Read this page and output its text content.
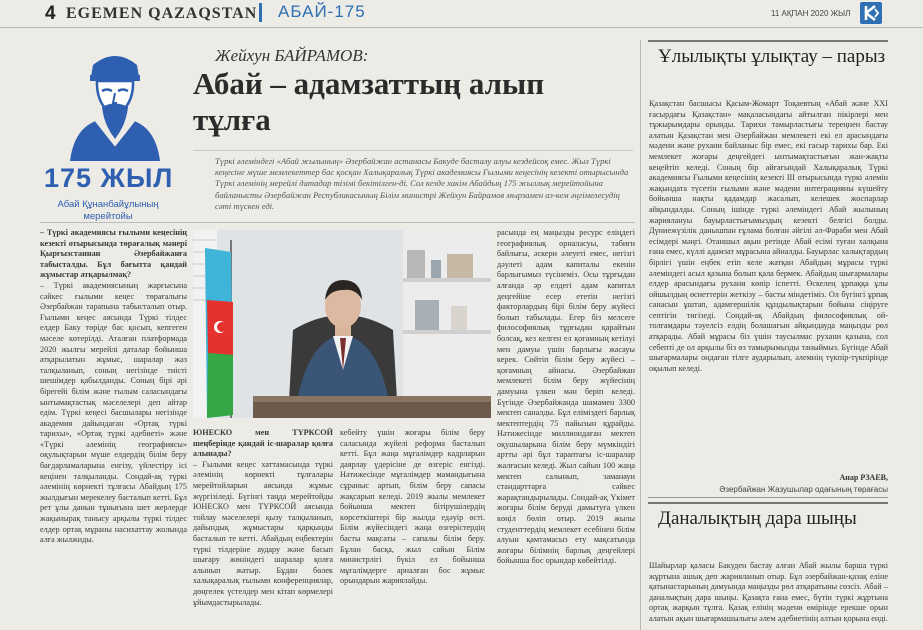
4 EGEMEN QAZAQSTAN АБАЙ-175	11 АҚПАН 2020 ЖЫЛ
175 ЖЫЛ
Абай Құнанбайұлының мерейтойы
Жейхун БАЙРАМОВ:
Абай – адамзаттың алып тұлға
Түркі әлеміндегі «Абай жылының» Әзербайжан астанасы Бакуде басталу алуы кездейсоқ емес. Жыл Түркі кеңесіне мүше мемлекеттер бас қосқан Халықаралық Түркі академиясы Ғылыми кеңесінің кезекті отырысында Түркі әлемінің мерейлі датадар тізімі бекітілген-ді. Сол кезде хакім Абайдың 175 жыллық мерейтойына байланысты Әзербайжан Республикасының Білім министрі Жейхун Байрамов мырзамен аз-кем әңгімелесудің сәті түскен еді.
– Түркі академиясы ғылыми кеңесінің кезекті отырысында төрағалық мәнері Қырғызстаннан Әзербайжанға табысталды. Бұл бағытта қандай жұмыстар атқарылмақ?
– Түркі академиясының жарғысына сәйкес ғылыми кеңес төрағалығы Әзербайжан тарапына табысталып отыр. Ғылыми кеңес аясында Түркі тілдес елдер Баку төріде бас қосып, кепгеген мәселе көтерілді. Аталған платформада 2020 жылғы мерейлі даталар бойынша атқарылатын жұмыс, шаралар жаз талқыланып, соның негізінде тиісті шешімдер қабылданды. Соның бірі әрі бірегейі білім және ғылым саласындағы ынтымақтастық мәселелері деп айтар едім. Түркі кеңесі басшылары негізінде академия дайындаған «Ортақ түркі тарихы», «Ортақ түркі әдебиеті» және «Түркі әлемінің географиясы» оқулықтарын мүше елдердің білім беру бағдарламаларына енгізу, үйлестіру ісі кеңінен талқыланды. Сондай-ақ түркі әлемінің көрнекті тұлғасы Абайдың 175 жылдығын мерекелеу басталып кетті. Бұл рет ұлы данын тұнығына шет жерлерде жақынырақ танысу арқылы түркі тілдес елдер ортақ мұраны насихаттау жолында алға жылжиды.
ЮНЕСКО мен ТҮРКСОЙ шеңберінде қандай іс-шаралар қолға алынады?
– Ғылыми кеңес хаттамасында түркі әлемінің көрнекті тұлғалары мерейтойларын аясында жұмыс жүргізіледі. Бүгінгі таңда мерейтойды ЮНЕСКО мен ТҮРКСОЙ аясында тойлау мәселелері қызу талқыланып, дайындық жұмыстары қарқынды басталып те кетті. Абайдың еңбектерін түркі тілдеріне аудару және басып шығару жөніндегі шаралар қолға алынып жатыр. Бұдан бөлек халықаралық ғылыми конференциялар, дөңгелек үстелдер мен кітап көрмелері ұйымдастырылады.
кебейту үшін жоғары білім беру саласында жүйелі реформа басталып кетті. Бұл жаңа мұғалімдер кадрларын даярлау үдерісіне де өзгеріс енгізді. Нәтижесінде мұғалімдер мамандығына сұраныс артып, білім беру сапасы жақсарып келеді. 2019 жылы мемлекет бойынша мектеп бітірушілердің көрсеткіштері бір жылда едәуір өсті. Білім жүйесіндегі жаңа өзгерістердің басты мақсаты – сапалы білім беру. Бұлан басқа, жыл сайын Білім министрлігі бүкіл ел бойынша мұғалімдерге арналған бос жұмыс орындарын жариялайды.
расында ең маңызды ресурс еліңдегі географиялық орналасуы, табиғи байлығы, әскери әлеуеті емес, негізгі дәулеті адам капиталы екенін барлығымыз түсінеміз. Осы тұрғыдан алғанда әр елдегі адам капитал деңгейіне есер ететін негізгі факторлардың бірі білім беру жүйесі болып табылады. Егер біз мелсеге философиялық тұрғыдан қарайтын болсақ, кез келген ел қоғамның кетілуі мен дамуы үшін барлығы жасауы керек. Сөйтіп білім беру жүйесі – қоғамның айнасы. Әзербайжан мемлекеті білім беру жүйесінің дамуына үлкен мән беріп келеді. Бүгінде Әзербайжанда шамамен 3300 мектеп саналды. Бұл еліміздегі барлық мектептердің 75 пайызын құрайды. Нәтижесінде миллиондаған мектеп оқушыларына білім беру мүмкіндігі артты әрі бұл тараптағы іс-шаралар жалғасын келеді. Жыл сайын 100 жаңа мектеп салынып, заманауи стандарттарға сәйкес жарақтандырылады. Сондай-ақ Үкімет жоғары білім беруді дамытуға үлкен көңіл бөліп отыр. 2019 жылы студенттердің мемлекет есебінен білім алуын қамтамасыз ету мақсатында жоғары білімнің барлық деңгейлері бойынша бос орындар көбейтілді.
Ұлылықты ұлықтау – парыз
Қазақстан басшысы Қасым-Жомарт Тоқаевтың «Абай және XXI ғасырдағы Қазақстан» мақаласындағы айтылған пікірлері мен тұжырымдары орынды. Тарихи тамырластығы тереңнен бастау алатын Қазақстан мен Әзербайжан мемлекеті екі ел арасындағы мәдени және рухани байланыс бір емес, екі ғасыр тарихы бар. Екі мемлекет жоғары деңгейдегі ынтымақтастығын жан-жақты кеңейтіп келеді. Соның бір айғағындай Халықаралық Түркі академиясы Ғылыми кеңесінің кезекті III отырысында түркі әлемін жақындата түсетін ғылыми және мәдени интеграцияны күшейту бойынша нақты қадамдар жасалып, келешек жоспарлар айқындалды. Соның ішінде түркі әлеміндегі Абай жылының жариялануы бауырластығымыздың кезекті белгісі болды. Дүниежүзілік данышпан ғұлама болған әйгілі әл-Фараби мен Абай есімдері мәңгі. Отаншыл ақын ретінде Абай есімі туған халқына ғана емес, күллі адамзат мұрасына айналды. Бауырлас халықтардың бірлігі үшін еңбек етіп келе жатқан Абайдың мұрасы түркі әлеміндегі асыл қазына болып қала бермек. Абайдың шығармалары елдер арасындағы рухани көпір іспетті. Өскелең ұрпаққа ұлы ойшылдың өсиеттерін жеткізу – басты міндетіміз. Ол бүгінгі ұрпақ санасын ұштап, адамгершілік құндылықтарын бойына сіңіруге септігін тигізеді. Сондай-ақ Абайдың философиялық ой-толғамдары тәуелсіз елдің болашағын айқындауда маңызды рөл атқарады. Абай мұрасы біз үшін таусылмас рухани қазына, сол себепті де ол арқылы біз өз тамырымызды таныймыз. Бүгінде Абай шығармалары ондаған тілге аударылып, әлемнің түкпір-түкпірінде оқылып келеді.
Анар РЗАЕВ,
Әзербайжан Жазушылар одағының төрағасы
Даналықтың дара шыңы
Шайырлар қаласы Бакуден бастау алған Абай жылы барша түркі жұртына ашық деп жарияланып отыр. Бұл әзербайжан-қазақ еліне қатынастарының дамуында маңызды рөл атқаратыны сөзсіз. Абай – даналықтың дара шыңы. Қазақта ғана емес, бүтін түркі жұртына ортақ жарқын тұлға. Қазақ елінің мәдени өмірінде ерекше орын алатын ақын шығармашылығы әлем әдебиетінің алтын қорына енді.
